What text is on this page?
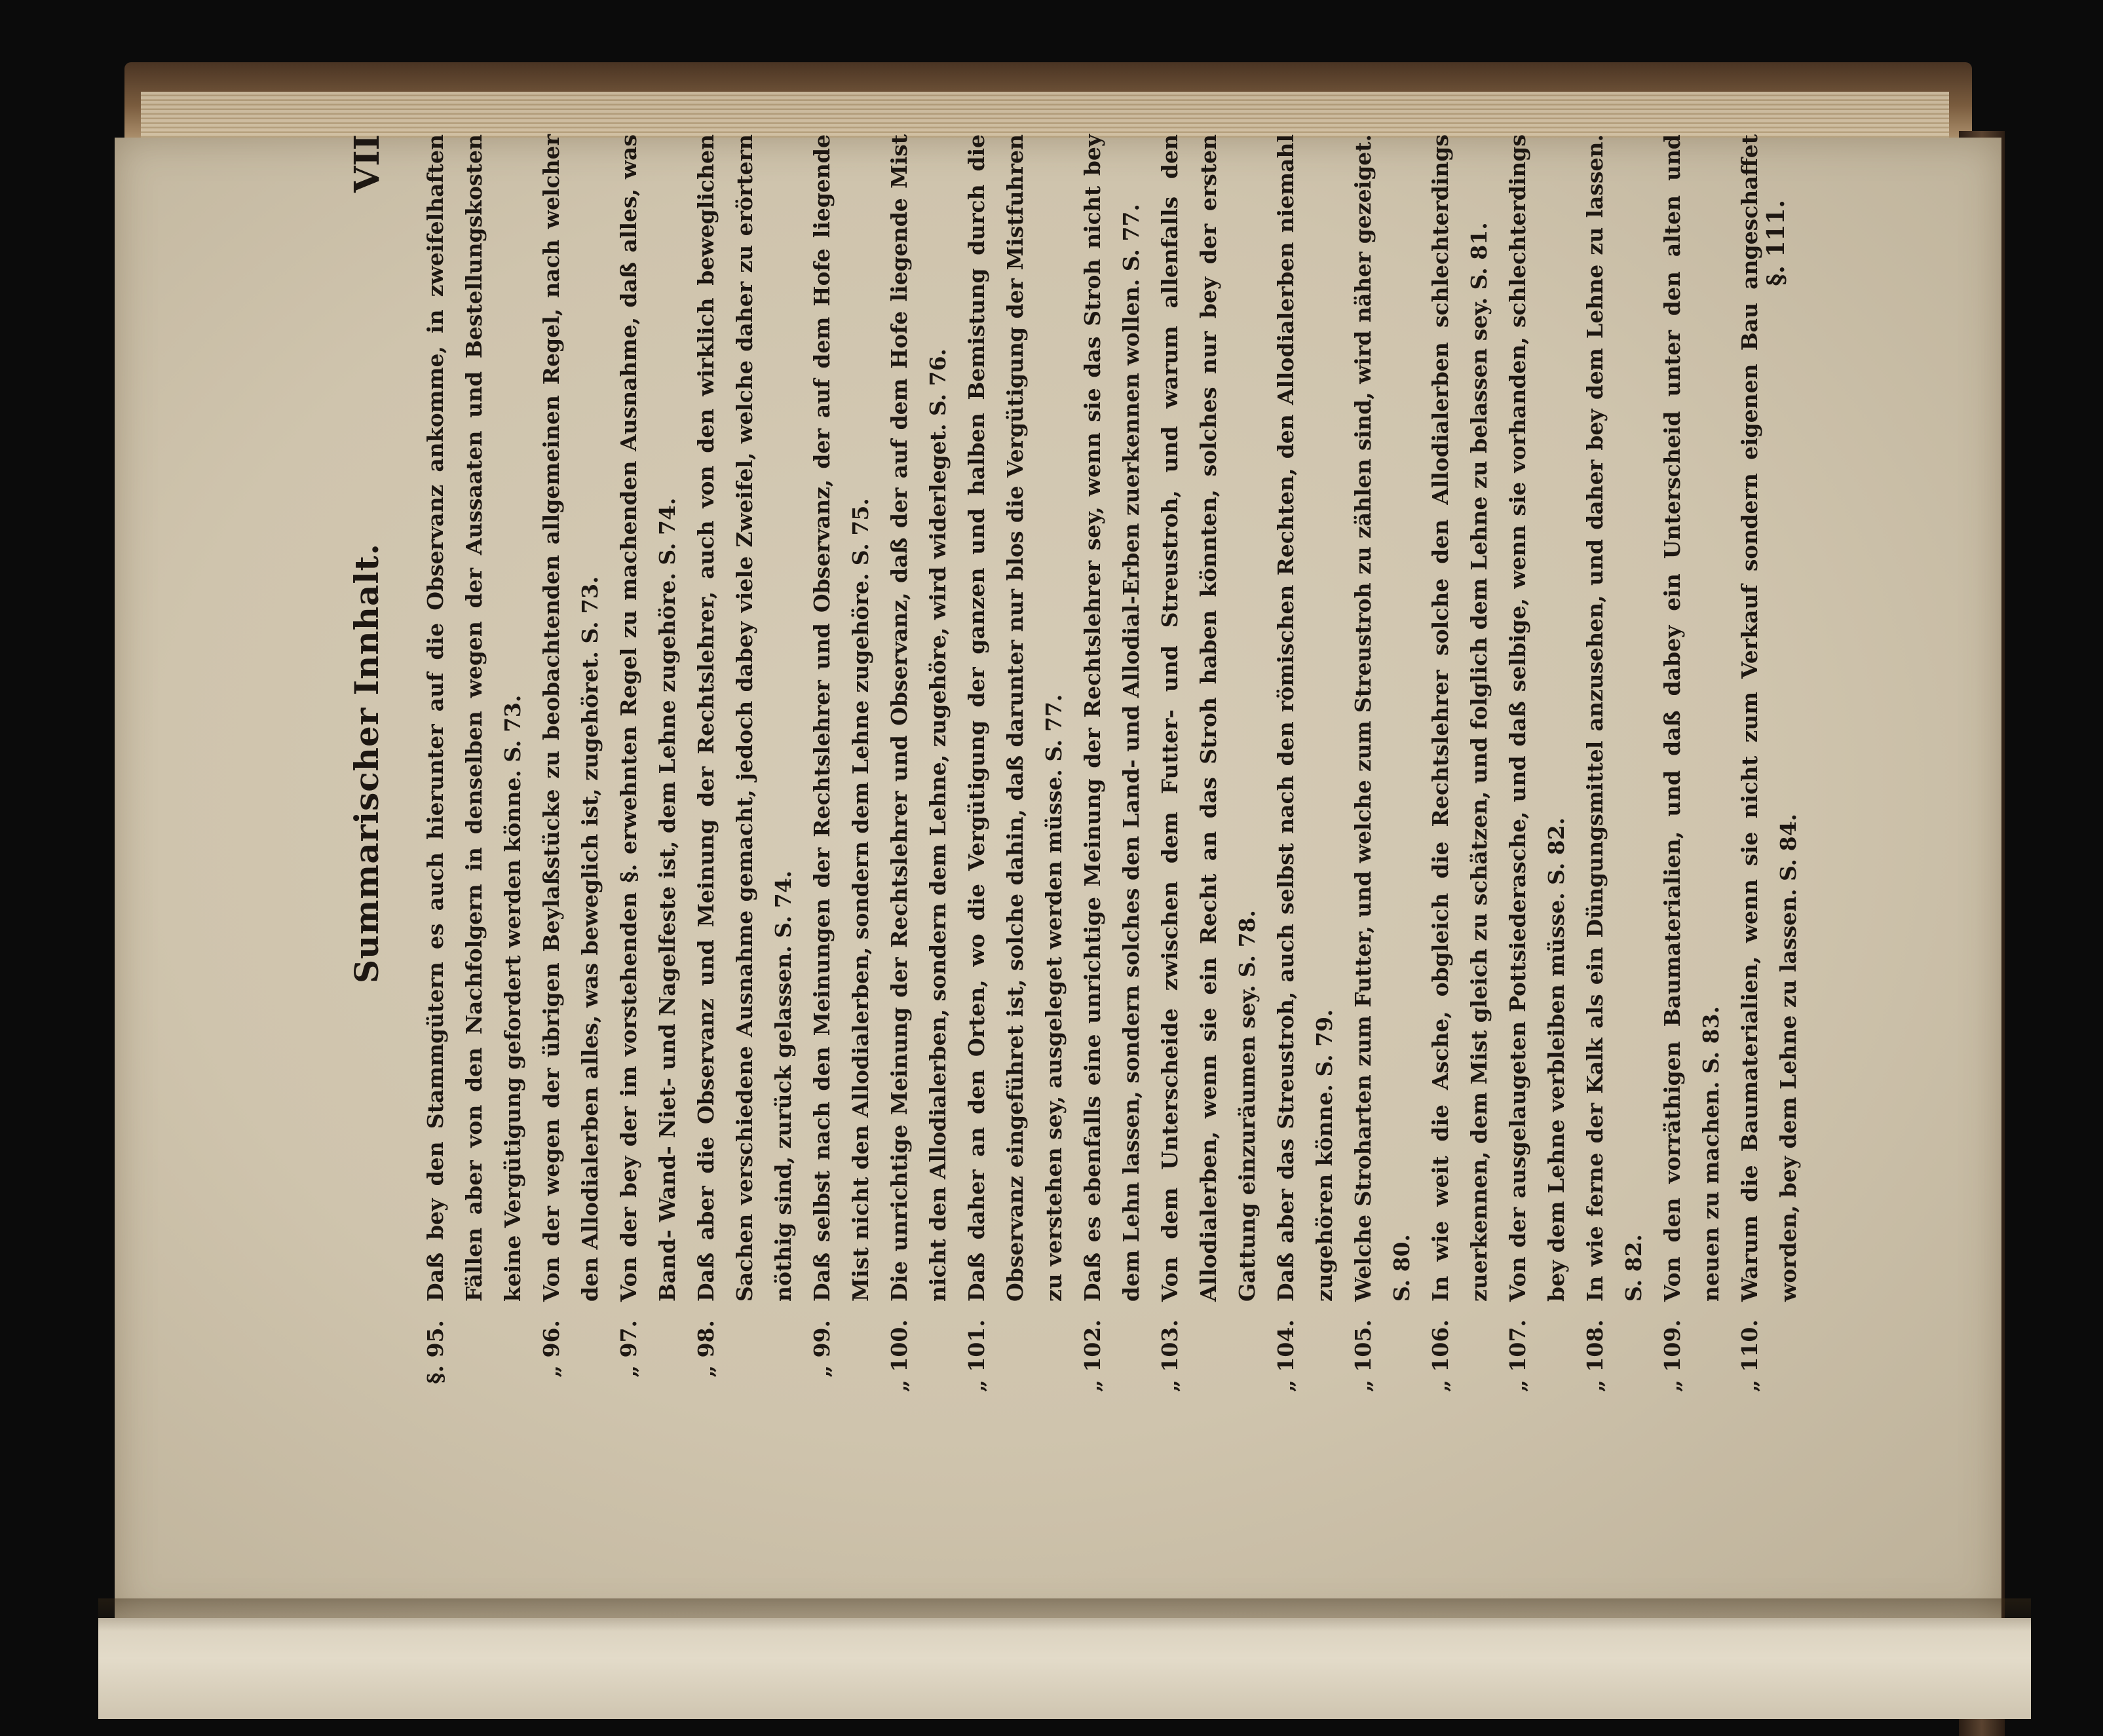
Summarischer Innhalt.
VII
§. 95.
Daß bey den Stammgütern es auch hierunter auf die Observanz ankomme, in zweifelhaften Fällen aber von den Nachfolgern in denselben wegen der Aussaaten und Bestellungskosten keine Vergütigung gefordert werden könne. S. 73.
„ 96.
Von der wegen der übrigen Beylaßstücke zu beobachtenden allgemeinen Regel, nach welcher den Allodialerben alles, was beweglich ist, zugehöret. S. 73.
„ 97.
Von der bey der im vorstehenden §. erwehnten Regel zu machenden Ausnahme, daß alles, was Band- Wand- Niet- und Nagelfeste ist, dem Lehne zugehöre. S. 74.
„ 98.
Daß aber die Observanz und Meinung der Rechtslehrer, auch von den wirklich beweglichen Sachen verschiedene Ausnahme gemacht, jedoch dabey viele Zweifel, welche daher zu erörtern nöthig sind, zurück gelassen. S. 74.
„ 99.
Daß selbst nach den Meinungen der Rechtslehrer und Observanz, der auf dem Hofe liegende Mist nicht den Allodialerben, sondern dem Lehne zugehöre. S. 75.
„ 100.
Die unrichtige Meinung der Rechtslehrer und Observanz, daß der auf dem Hofe liegende Mist nicht den Allodialerben, sondern dem Lehne, zugehöre, wird widerleget. S. 76.
„ 101.
Daß daher an den Orten, wo die Vergütigung der ganzen und halben Bemistung durch die Observanz eingeführet ist, solche dahin, daß darunter nur blos die Vergütigung der Mistfuhren zu verstehen sey, ausgeleget werden müsse. S. 77.
„ 102.
Daß es ebenfalls eine unrichtige Meinung der Rechtslehrer sey, wenn sie das Stroh nicht bey dem Lehn lassen, sondern solches den Land- und Allodial-Erben zuerkennen wollen. S. 77.
„ 103.
Von dem Unterscheide zwischen dem Futter- und Streustroh, und warum allenfalls den Allodialerben, wenn sie ein Recht an das Stroh haben könnten, solches nur bey der ersten Gattung einzuräumen sey. S. 78.
„ 104.
Daß aber das Streustroh, auch selbst nach den römischen Rechten, den Allodialerben niemahl zugehören könne. S. 79.
„ 105.
Welche Stroharten zum Futter, und welche zum Streustroh zu zählen sind, wird näher gezeiget. S. 80.
„ 106.
In wie weit die Asche, obgleich die Rechtslehrer solche den Allodialerben schlechterdings zuerkennen, dem Mist gleich zu schätzen, und folglich dem Lehne zu belassen sey. S. 81.
„ 107.
Von der ausgelaugeten Pottsiederasche, und daß selbige, wenn sie vorhanden, schlechterdings bey dem Lehne verbleiben müsse. S. 82.
„ 108.
In wie ferne der Kalk als ein Düngungsmittel anzusehen, und daher bey dem Lehne zu lassen. S. 82.
„ 109.
Von den vorräthigen Baumaterialien, und daß dabey ein Unterscheid unter den alten und neuen zu machen. S. 83.
„ 110.
Warum die Baumaterialien, wenn sie nicht zum Verkauf sondern eigenen Bau angeschaffet worden, bey dem Lehne zu lassen. S. 84.
§. 111.
